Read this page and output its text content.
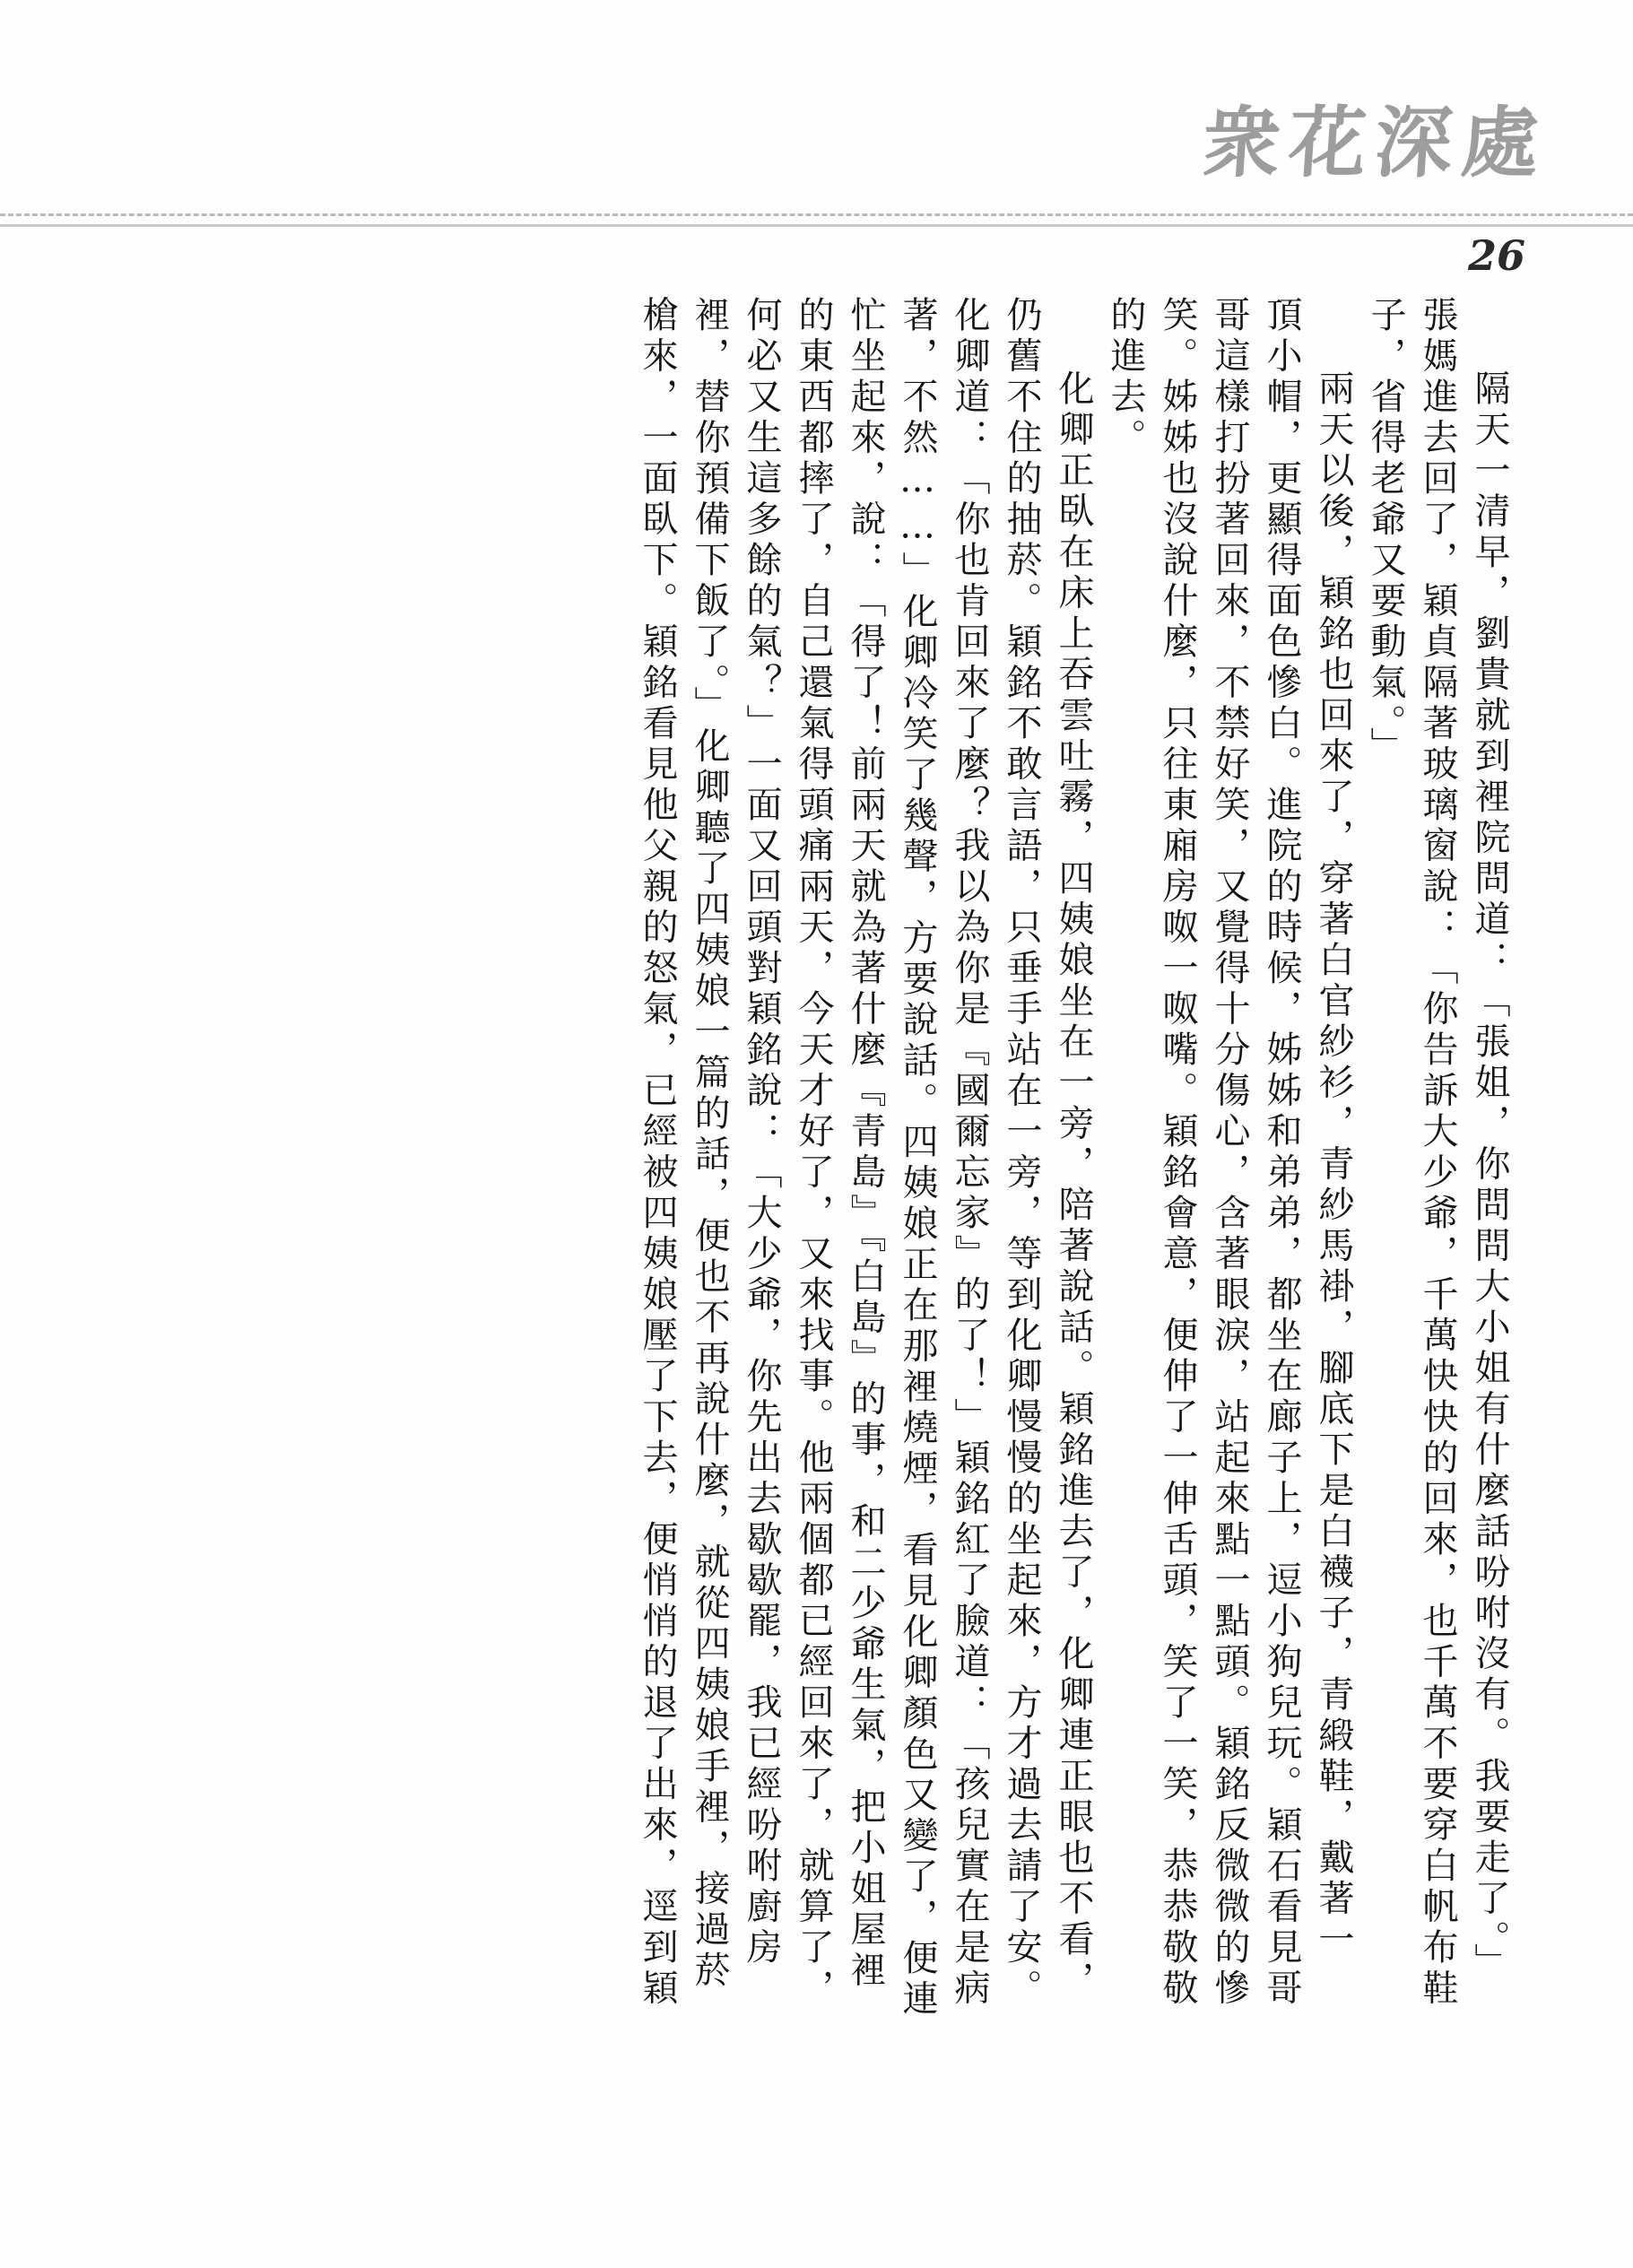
衆花深處
26
隔天一清早，劉貴就到裡院問道：「張姐，你問問大小姐有什麼話吩咐沒有。我要走了。」
張媽進去回了，穎貞隔著玻璃窗說：「你告訴大少爺，千萬快快的回來，也千萬不要穿白帆布鞋
子，省得老爺又要動氣。」
兩天以後，穎銘也回來了，穿著白官紗衫，青紗馬褂，腳底下是白襪子，青緞鞋，戴著一
頂小帽，更顯得面色慘白。進院的時候，姊姊和弟弟，都坐在廊子上，逗小狗兒玩。穎石看見哥
哥這樣打扮著回來，不禁好笑，又覺得十分傷心，含著眼淚，站起來點一點頭。穎銘反微微的慘
笑。姊姊也沒說什麼，只往東廂房呶一呶嘴。穎銘會意，便伸了一伸舌頭，笑了一笑，恭恭敬敬
的進去。
化卿正臥在床上吞雲吐霧，四姨娘坐在一旁，陪著說話。穎銘進去了，化卿連正眼也不看，
仍舊不住的抽菸。穎銘不敢言語，只垂手站在一旁，等到化卿慢慢的坐起來，方才過去請了安。
化卿道：「你也肯回來了麼？我以為你是『國爾忘家』的了！」穎銘紅了臉道：「孩兒實在是病
著，不然……」化卿冷笑了幾聲，方要說話。四姨娘正在那裡燒煙，看見化卿顏色又變了，便連
忙坐起來，說：「得了！前兩天就為著什麼『青島』『白島』的事，和二少爺生氣，把小姐屋裡
的東西都摔了，自己還氣得頭痛兩天，今天才好了，又來找事。他兩個都已經回來了，就算了，
何必又生這多餘的氣？」一面又回頭對穎銘說：「大少爺，你先出去歇歇罷，我已經吩咐廚房
裡，替你預備下飯了。」化卿聽了四姨娘一篇的話，便也不再說什麼，就從四姨娘手裡，接過菸
槍來，一面臥下。穎銘看見他父親的怒氣，已經被四姨娘壓了下去，便悄悄的退了出來，逕到穎
